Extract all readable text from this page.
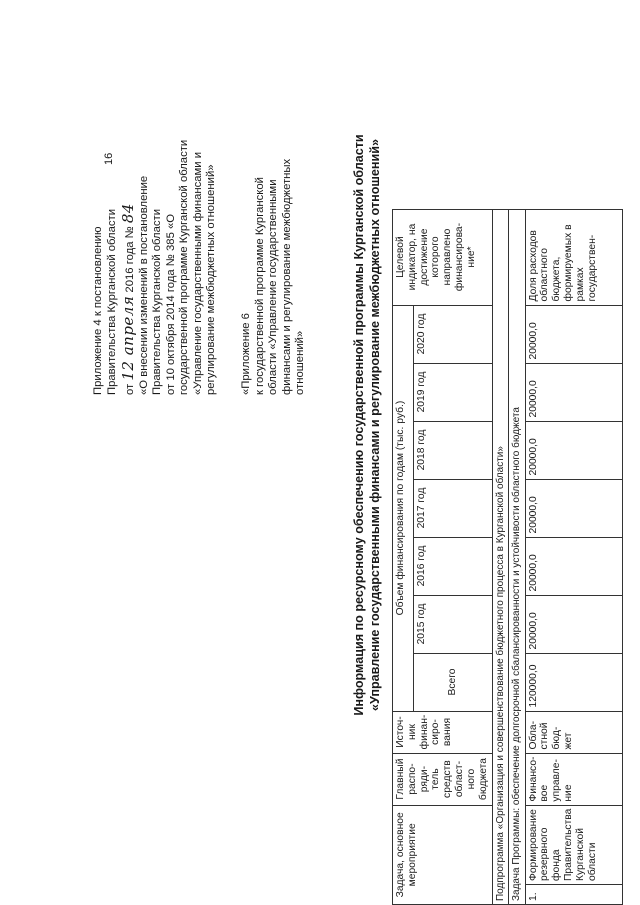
16
Приложение 4 к постановлению Правительства Курганской области от 12 апреля 2016 года № 84 «О внесении изменений в постановление Правительства Курганской области от 10 октября 2014 года № 385 «О государственной программе Курганской области «Управление государственными финансами и регулирование межбюджетных отношений» «Приложение 6 к государственной программе Курганской области «Управление государственными финансами и регулирование межбюджетных отношений»	Информация по ресурсному обеспечению государственной программы Курганской области «Управление государственными финансами и регулирование межбюджетных отношений»
Задача, основное мероприятие		Главный распо-ряди-тель средств област-ного бюджета	Источ-ник финан-сиро-вания	Объем финансирования по годам (тыс. руб.)							Целевой индикатор, на достижение которого направлено финансирова-ние*
				Всего	2015 год	2016 год	2017 год	2018 год	2019 год	2020 год	
Подпрограмма «Организация и совершенствование бюджетного процесса в Курганской области»											
Задача Программы: обеспечение долгосрочной сбалансированности и устойчивости областного бюджета											
1.	Формирование резервного фонда Правительства Курганской области	Финансо-вое управле-ние	Обла-стной бюд-жет	120000,0	20000,0	20000,0	20000,0	20000,0	20000,0	20000,0	Доля расходов областного бюджета, формируемых в рамках государствен-
